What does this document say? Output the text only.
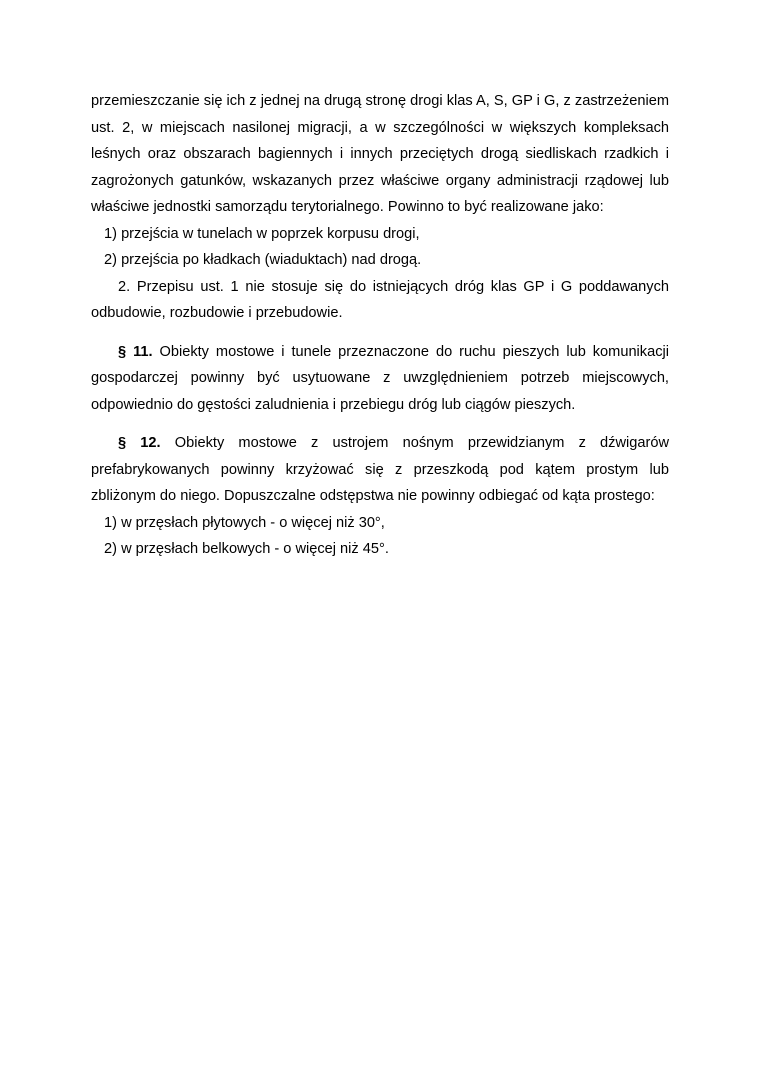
przemieszczanie się ich z jednej na drugą stronę drogi klas A, S, GP i G, z zastrzeżeniem ust. 2, w miejscach nasilonej migracji, a w szczególności w większych kompleksach leśnych oraz obszarach bagiennych i innych przeciętych drogą siedliskach rzadkich i zagrożonych gatunków, wskazanych przez właściwe organy administracji rządowej lub właściwe jednostki samorządu terytorialnego. Powinno to być realizowane jako:

1) przejścia w tunelach w poprzek korpusu drogi,
2) przejścia po kładkach (wiaduktach) nad drogą.

2. Przepisu ust. 1 nie stosuje się do istniejących dróg klas GP i G poddawanych odbudowie, rozbudowie i przebudowie.

§ 11. Obiekty mostowe i tunele przeznaczone do ruchu pieszych lub komunikacji gospodarczej powinny być usytuowane z uwzględnieniem potrzeb miejscowych, odpowiednio do gęstości zaludnienia i przebiegu dróg lub ciągów pieszych.

§ 12. Obiekty mostowe z ustrojem nośnym przewidzianym z dźwigarów prefabrykowanych powinny krzyżować się z przeszkodą pod kątem prostym lub zbliżonym do niego. Dopuszczalne odstępstwa nie powinny odbiegać od kąta prostego:

1) w przęsłach płytowych - o więcej niż 30°,
2) w przęsłach belkowych - o więcej niż 45°.
